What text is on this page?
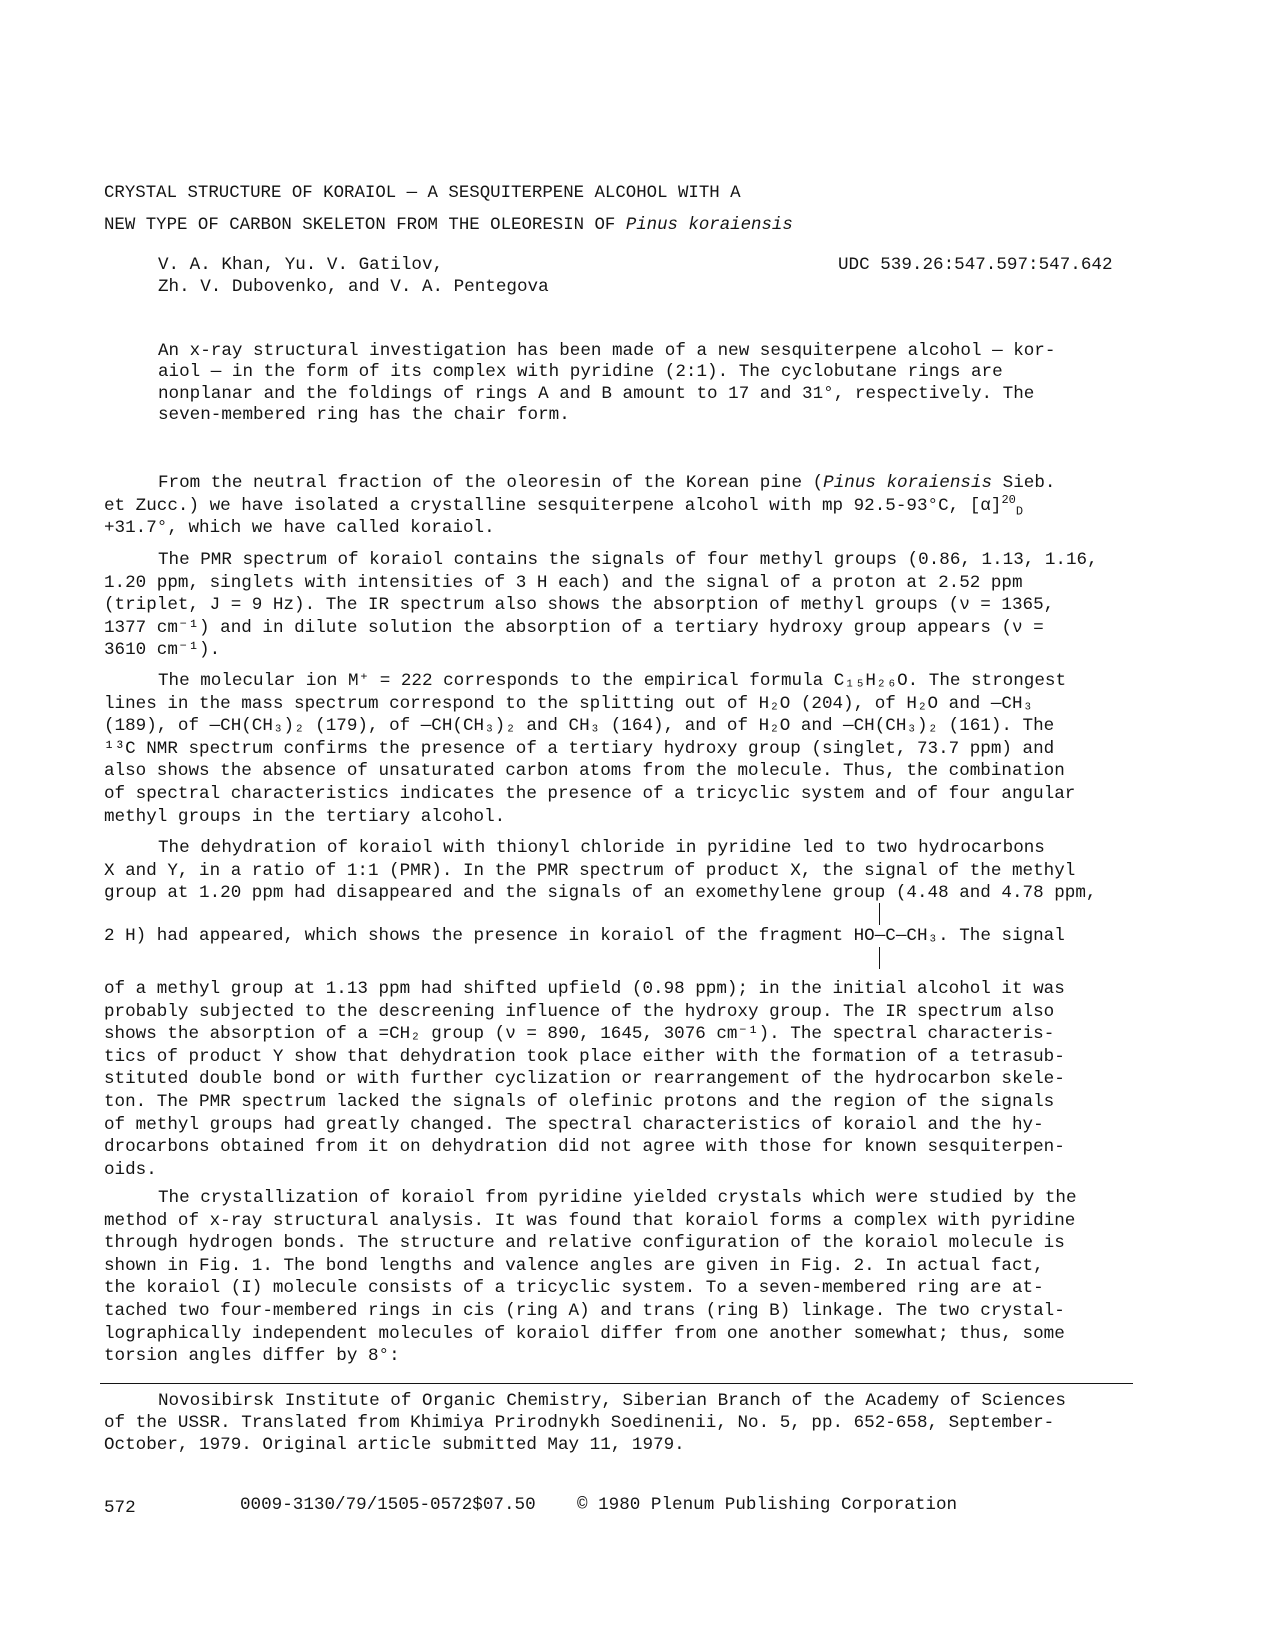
CRYSTAL STRUCTURE OF KORAIOL — A SESQUITERPENE ALCOHOL WITH A
NEW TYPE OF CARBON SKELETON FROM THE OLEORESIN OF Pinus koraiensis
V. A. Khan, Yu. V. Gatilov,
Zh. V. Dubovenko, and V. A. Pentegova
UDC 539.26:547.597:547.642
An x-ray structural investigation has been made of a new sesquiterpene alcohol — kor-
aiol — in the form of its complex with pyridine (2:1). The cyclobutane rings are
nonplanar and the foldings of rings A and B amount to 17 and 31°, respectively. The
seven-membered ring has the chair form.
From the neutral fraction of the oleoresin of the Korean pine (Pinus koraiensis Sieb.
et Zucc.) we have isolated a crystalline sesquiterpene alcohol with mp 92.5-93°C, $[\alpha]^{20}_D$
+31.7°, which we have called koraiol.
The PMR spectrum of koraiol contains the signals of four methyl groups (0.86, 1.13, 1.16,
1.20 ppm, singlets with intensities of 3 H each) and the signal of a proton at 2.52 ppm
(triplet, J = 9 Hz). The IR spectrum also shows the absorption of methyl groups (ν = 1365,
1377 cm⁻¹) and in dilute solution the absorption of a tertiary hydroxy group appears (ν =
3610 cm⁻¹).
The molecular ion M⁺ = 222 corresponds to the empirical formula C₁₅H₂₆O. The strongest
lines in the mass spectrum correspond to the splitting out of H₂O (204), of H₂O and —CH₃
(189), of —CH(CH₃)₂ (179), of —CH(CH₃)₂ and CH₃ (164), and of H₂O and —CH(CH₃)₂ (161). The
¹³C NMR spectrum confirms the presence of a tertiary hydroxy group (singlet, 73.7 ppm) and
also shows the absence of unsaturated carbon atoms from the molecule. Thus, the combination
of spectral characteristics indicates the presence of a tricyclic system and of four angular
methyl groups in the tertiary alcohol.
The dehydration of koraiol with thionyl chloride in pyridine led to two hydrocarbons
X and Y, in a ratio of 1:1 (PMR). In the PMR spectrum of product X, the signal of the methyl
group at 1.20 ppm had disappeared and the signals of an exomethylene group (4.48 and 4.78 ppm,
2 H) had appeared, which shows the presence in koraiol of the fragment HO—C—CH₃. The signal
of a methyl group at 1.13 ppm had shifted upfield (0.98 ppm); in the initial alcohol it was
probably subjected to the descreening influence of the hydroxy group. The IR spectrum also
shows the absorption of a =CH₂ group (ν = 890, 1645, 3076 cm⁻¹). The spectral characteris-
tics of product Y show that dehydration took place either with the formation of a tetrasub-
stituted double bond or with further cyclization or rearrangement of the hydrocarbon skele-
ton. The PMR spectrum lacked the signals of olefinic protons and the region of the signals
of methyl groups had greatly changed. The spectral characteristics of koraiol and the hy-
drocarbons obtained from it on dehydration did not agree with those for known sesquiterpen-
oids.
The crystallization of koraiol from pyridine yielded crystals which were studied by the
method of x-ray structural analysis. It was found that koraiol forms a complex with pyridine
through hydrogen bonds. The structure and relative configuration of the koraiol molecule is
shown in Fig. 1. The bond lengths and valence angles are given in Fig. 2. In actual fact,
the koraiol (I) molecule consists of a tricyclic system. To a seven-membered ring are at-
tached two four-membered rings in cis (ring A) and trans (ring B) linkage. The two crystal-
lographically independent molecules of koraiol differ from one another somewhat; thus, some
torsion angles differ by 8°:
Novosibirsk Institute of Organic Chemistry, Siberian Branch of the Academy of Sciences
of the USSR. Translated from Khimiya Prirodnykh Soedinenii, No. 5, pp. 652-658, September-
October, 1979. Original article submitted May 11, 1979.
572	0009-3130/79/1505-0572$07.50 © 1980 Plenum Publishing Corporation
